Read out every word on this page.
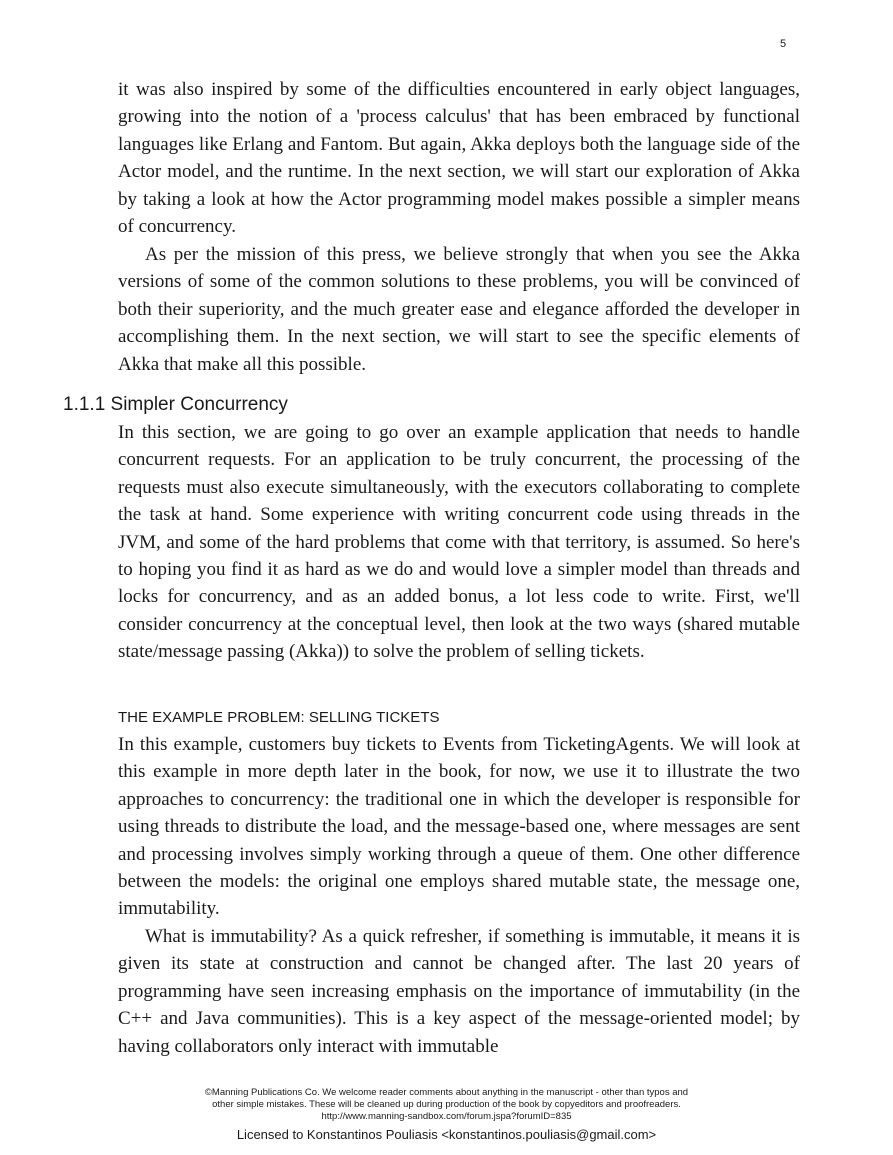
5

it was also inspired by some of the difficulties encountered in early object languages, growing into the notion of a 'process calculus' that has been embraced by functional languages like Erlang and Fantom. But again, Akka deploys both the language side of the Actor model, and the runtime. In the next section, we will start our exploration of Akka by taking a look at how the Actor programming model makes possible a simpler means of concurrency.

As per the mission of this press, we believe strongly that when you see the Akka versions of some of the common solutions to these problems, you will be convinced of both their superiority, and the much greater ease and elegance afforded the developer in accomplishing them. In the next section, we will start to see the specific elements of Akka that make all this possible.

1.1.1 Simpler Concurrency

In this section, we are going to go over an example application that needs to handle concurrent requests. For an application to be truly concurrent, the processing of the requests must also execute simultaneously, with the executors collaborating to complete the task at hand. Some experience with writing concurrent code using threads in the JVM, and some of the hard problems that come with that territory, is assumed. So here's to hoping you find it as hard as we do and would love a simpler model than threads and locks for concurrency, and as an added bonus, a lot less code to write. First, we'll consider concurrency at the conceptual level, then look at the two ways (shared mutable state/message passing (Akka)) to solve the problem of selling tickets.

THE EXAMPLE PROBLEM: SELLING TICKETS

In this example, customers buy tickets to Events from TicketingAgents. We will look at this example in more depth later in the book, for now, we use it to illustrate the two approaches to concurrency: the traditional one in which the developer is responsible for using threads to distribute the load, and the message-based one, where messages are sent and processing involves simply working through a queue of them. One other difference between the models: the original one employs shared mutable state, the message one, immutability.

What is immutability? As a quick refresher, if something is immutable, it means it is given its state at construction and cannot be changed after. The last 20 years of programming have seen increasing emphasis on the importance of immutability (in the C++ and Java communities). This is a key aspect of the message-oriented model; by having collaborators only interact with immutable

©Manning Publications Co. We welcome reader comments about anything in the manuscript - other than typos and
other simple mistakes. These will be cleaned up during production of the book by copyeditors and proofreaders.
http://www.manning-sandbox.com/forum.jspa?forumID=835
Licensed to Konstantinos Pouliasis <konstantinos.pouliasis@gmail.com>
